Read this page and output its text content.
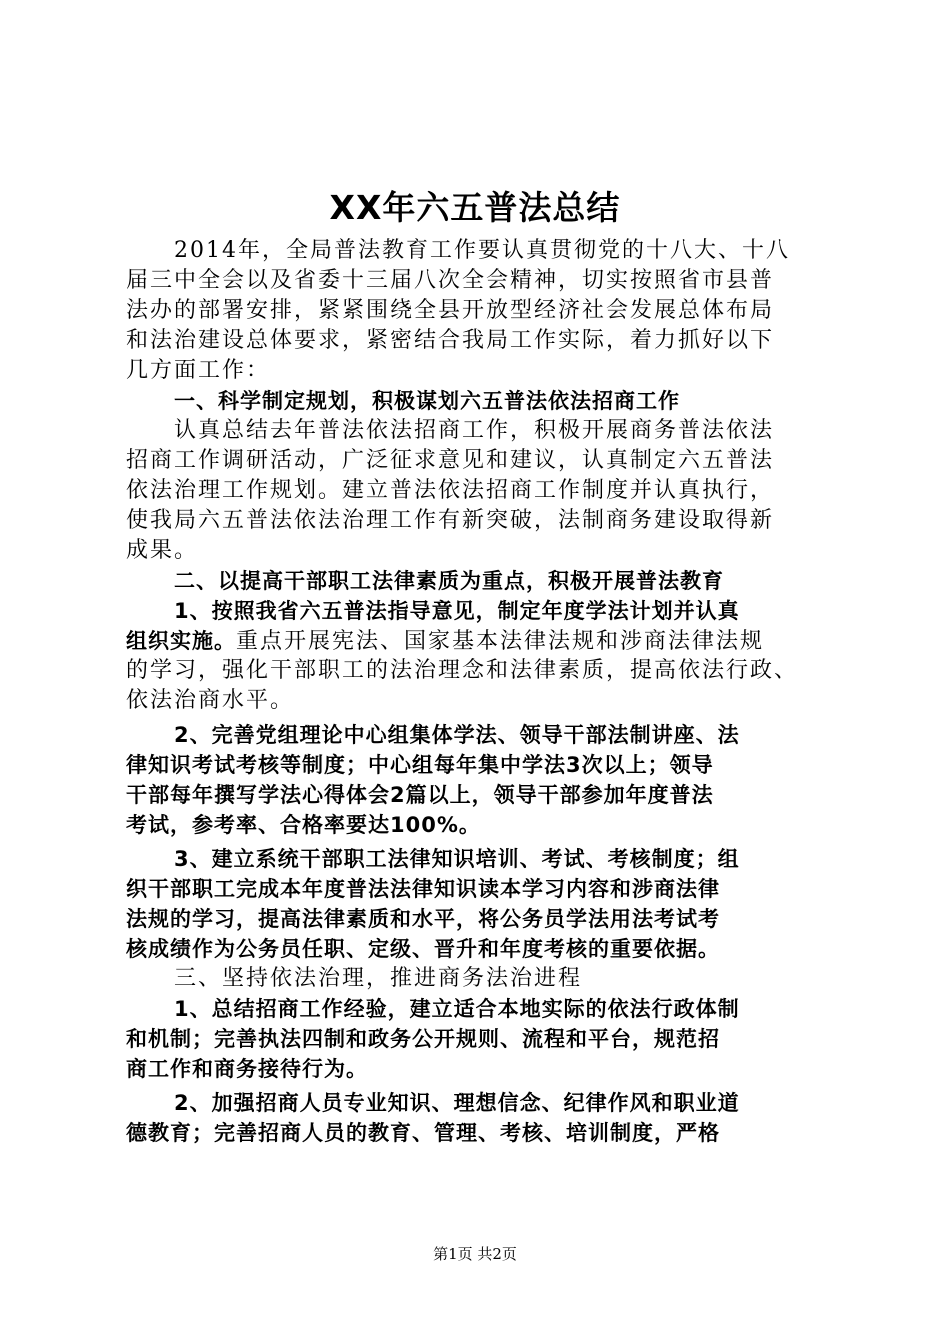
XX年六五普法总结
2014年，全局普法教育工作要认真贯彻党的十八大、十八
届三中全会以及省委十三届八次全会精神，切实按照省市县普
法办的部署安排，紧紧围绕全县开放型经济社会发展总体布局
和法治建设总体要求，紧密结合我局工作实际，着力抓好以下
几方面工作：
一、科学制定规划，积极谋划六五普法依法招商工作
认真总结去年普法依法招商工作，积极开展商务普法依法
招商工作调研活动，广泛征求意见和建议，认真制定六五普法
依法治理工作规划。建立普法依法招商工作制度并认真执行，
使我局六五普法依法治理工作有新突破，法制商务建设取得新
成果。
二、以提高干部职工法律素质为重点，积极开展普法教育
1、按照我省六五普法指导意见，制定年度学法计划并认真
组织实施。重点开展宪法、国家基本法律法规和涉商法律法规
的学习，强化干部职工的法治理念和法律素质，提高依法行政、
依法治商水平。
2、完善党组理论中心组集体学法、领导干部法制讲座、法
律知识考试考核等制度；中心组每年集中学法3次以上；领导
干部每年撰写学法心得体会2篇以上，领导干部参加年度普法
考试，参考率、合格率要达100%。
3、建立系统干部职工法律知识培训、考试、考核制度；组
织干部职工完成本年度普法法律知识读本学习内容和涉商法律
法规的学习，提高法律素质和水平，将公务员学法用法考试考
核成绩作为公务员任职、定级、晋升和年度考核的重要依据。
三、坚持依法治理，推进商务法治进程
1、总结招商工作经验，建立适合本地实际的依法行政体制
和机制；完善执法四制和政务公开规则、流程和平台，规范招
商工作和商务接待行为。
2、加强招商人员专业知识、理想信念、纪律作风和职业道
德教育；完善招商人员的教育、管理、考核、培训制度，严格
第1页 共2页
